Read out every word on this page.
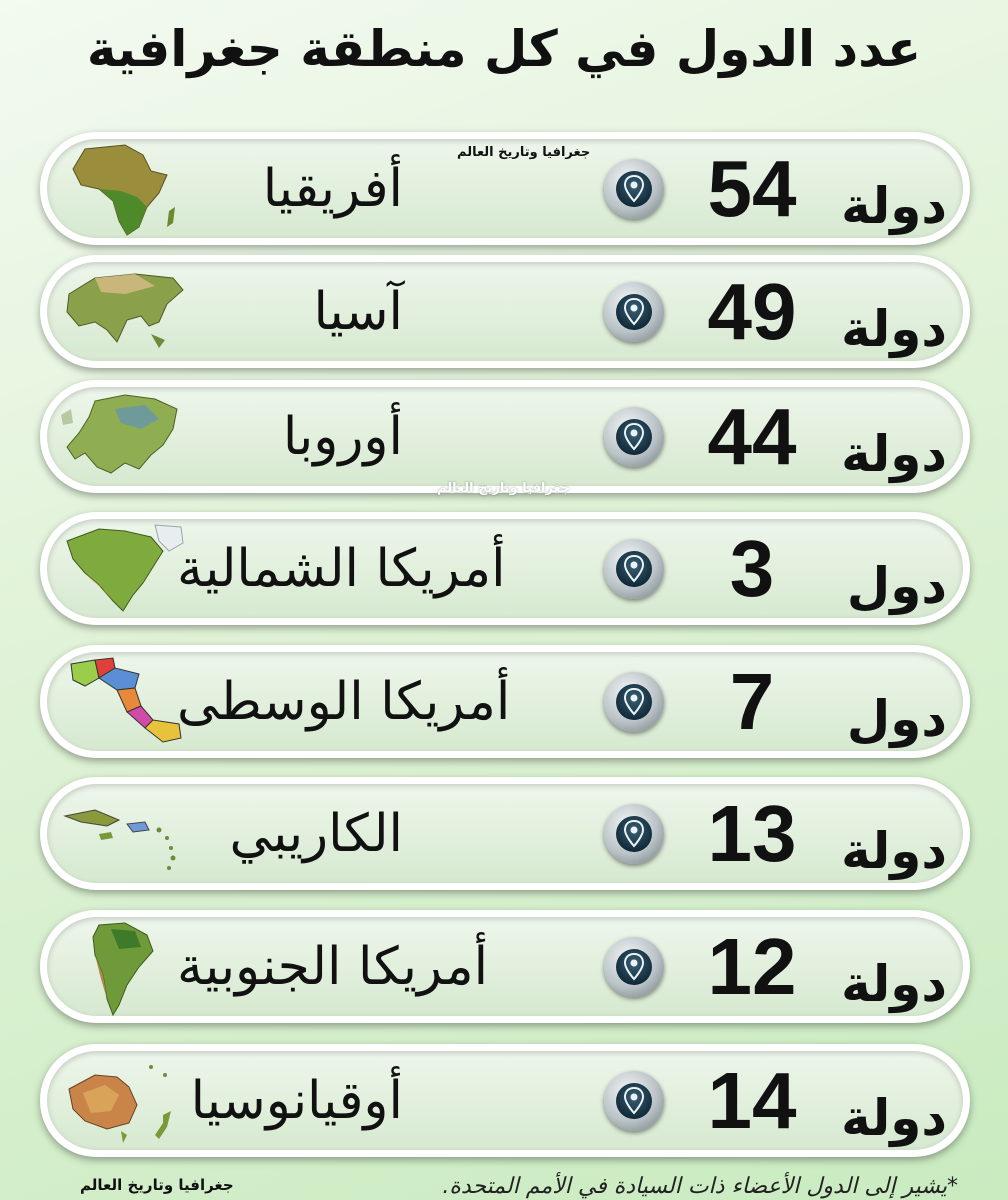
عدد الدول في كل منطقة جغرافية
جغرافيا وتاريخ العالم
أفريقيا	54 دولة
آسيا	49 دولة
جغرافيا وتاريخ العالم
أوروبا	44 دولة
أمريكا الشمالية	3	دول
أمريكا الوسطى	7	دول
الكاريبي	13 دولة
أمريكا الجنوبية	12 دولة
أوقيانوسيا	14 دولة
جغرافيا وتاريخ العالم	*يشير إلى الدول الأعضاء ذات السيادة في الأمم المتحدة.
